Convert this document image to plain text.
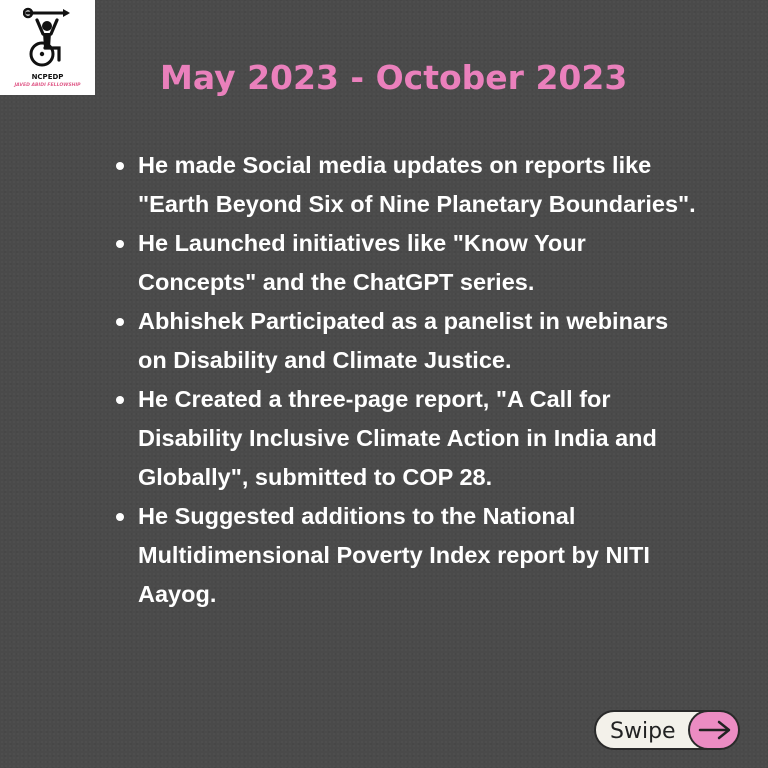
NCPEDP
JAVED ABIDI FELLOWSHIP	May 2023 - October 2023
He made Social media updates on reports like "Earth Beyond Six of Nine Planetary Boundaries".
He Launched initiatives like "Know Your Concepts" and the ChatGPT series.
Abhishek Participated as a panelist in webinars on Disability and Climate Justice.
He Created a three-page report, "A Call for Disability Inclusive Climate Action in India and Globally", submitted to COP 28.
He Suggested additions to the National Multidimensional Poverty Index report by NITI Aayog.
Swipe
